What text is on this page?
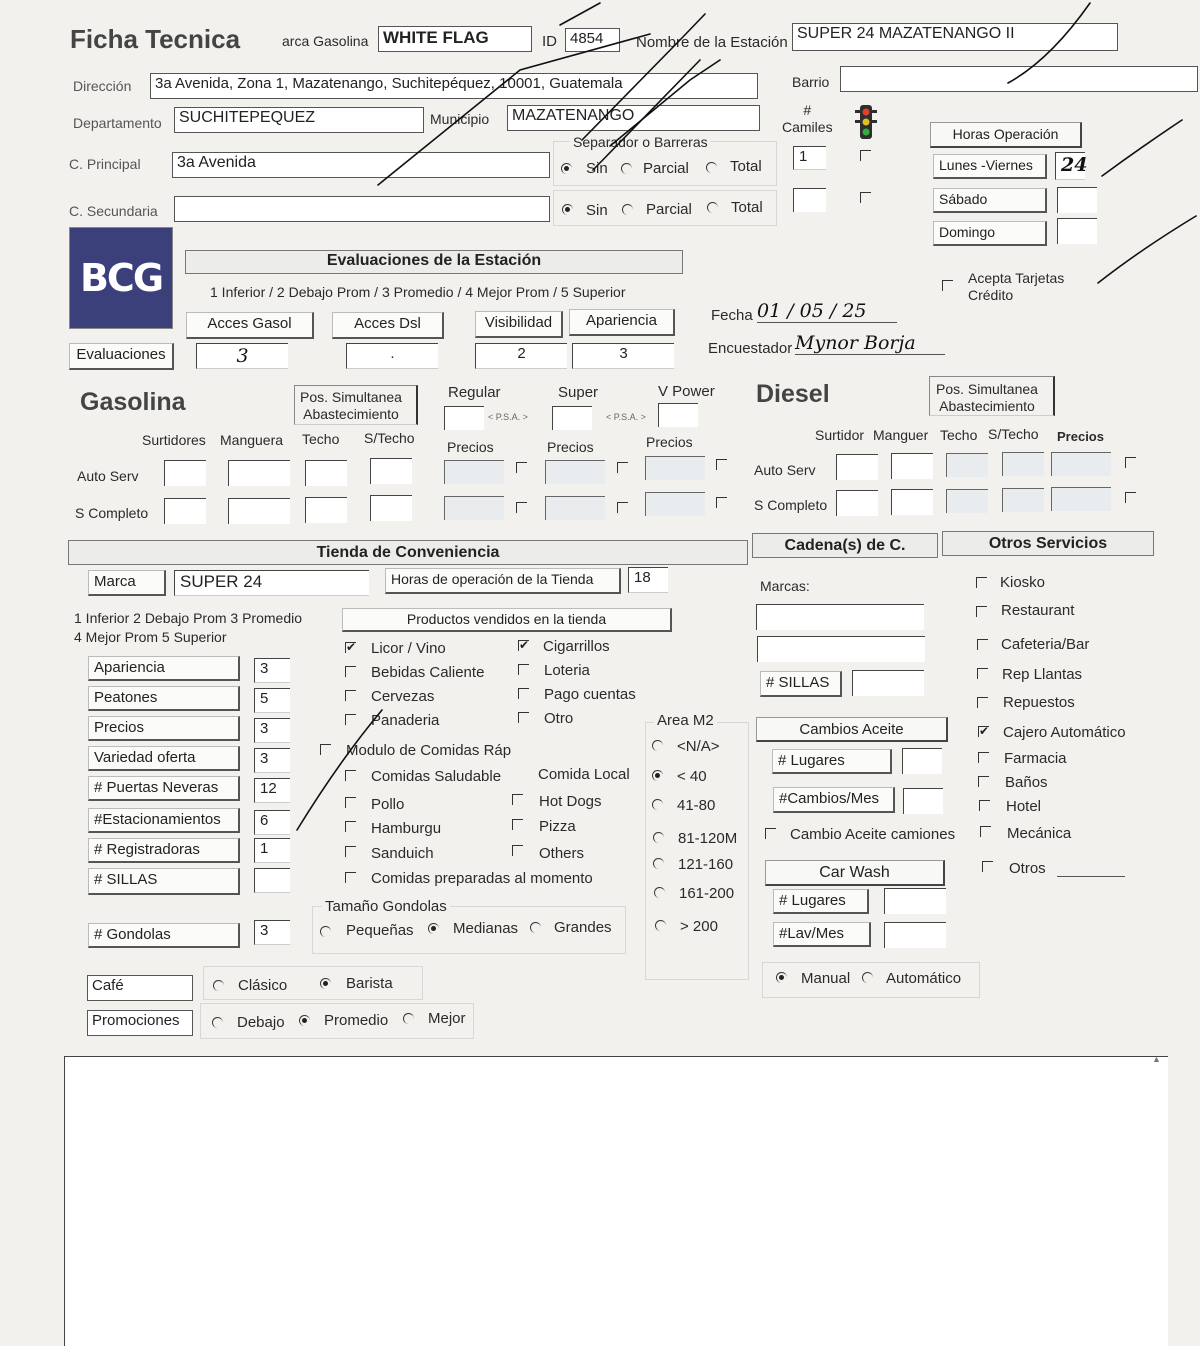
Ficha Tecnica	arca Gasolina WHITE FLAG	ID 4854	Nombre de la Estación
SUPER 24 MAZATENANGO II
Dirección	3a Avenida, Zona 1, Mazatenango, Suchitepéquez, 10001, Guatemala	Barrio
Departamento	SUCHITEPEQUEZ	Municipio	MAZATENANGO	#
Camiles
1
C. Principal	3a Avenida
C. Secundaria
Separador o Barreras
Sin Parcial	Total
Sin	Parcial	Total
Horas Operación
Lunes -Viernes	24
Sábado
Domingo
BCG	Evaluaciones de la Estación
1 Inferior / 2 Debajo Prom / 3 Promedio / 4 Mejor Prom / 5 Superior
Acces Gasol	Acces Dsl	Visibilidad	Apariencia
Evaluaciones	3	.	2	3
Fecha 01 / 05 / 25
Encuestador Mynor Borja
Acepta Tarjetas
Crédito
Gasolina	Pos. Simultanea
Abastecimiento
Regular	Super	V Power
< P.S.A. >	< P.S.A. >
Surtidores Manguera Techo S/Techo
Precios	Precios	Precios
Auto Serv
S Completo
Diesel	Pos. Simultanea
Abastecimiento
Surtidor Manguer Techo S/Techo Precios
Auto Serv
S Completo
Tienda de Conveniencia	Cadena(s) de C.	Otros Servicios
Marca	SUPER 24	Horas de operación de la Tienda	18
1 Inferior 2 Debajo Prom 3 Promedio
4 Mejor Prom 5 Superior
Apariencia	3
Peatones	5
Precios	3
Variedad oferta	3
# Puertas Neveras	12
#Estacionamientos	6
# Registradoras	1
# SILLAS
# Gondolas	3
Productos vendidos en la tienda
✔
Licor / Vino
Bebidas Caliente
Cervezas
Panaderia
✔
Cigarrillos
Loteria
Pago cuentas
Otro
Modulo de Comidas Ráp
Comidas Saludable Comida Local
Pollo
Hamburgu
Sanduich
Comidas preparadas al momento
Hot Dogs
Pizza
Others
Tamaño Gondolas
Pequeñas	Medianas Grandes
Area M2
<N/A>
< 40
41-80
81-120M
121-160
161-200
> 200
Café	Clásico	Barista
Promociones	Debajo	Promedio	Mejor
Marcas:
# SILLAS
Cambios Aceite
# Lugares
#Cambios/Mes
Cambio Aceite camiones
Car Wash
# Lugares
#Lav/Mes
Manual Automático
Kiosko
Restaurant
Cafeteria/Bar
Rep Llantas
Repuestos
✔
Cajero Automático
Farmacia
Baños
Hotel
Mecánica
Otros
▲
